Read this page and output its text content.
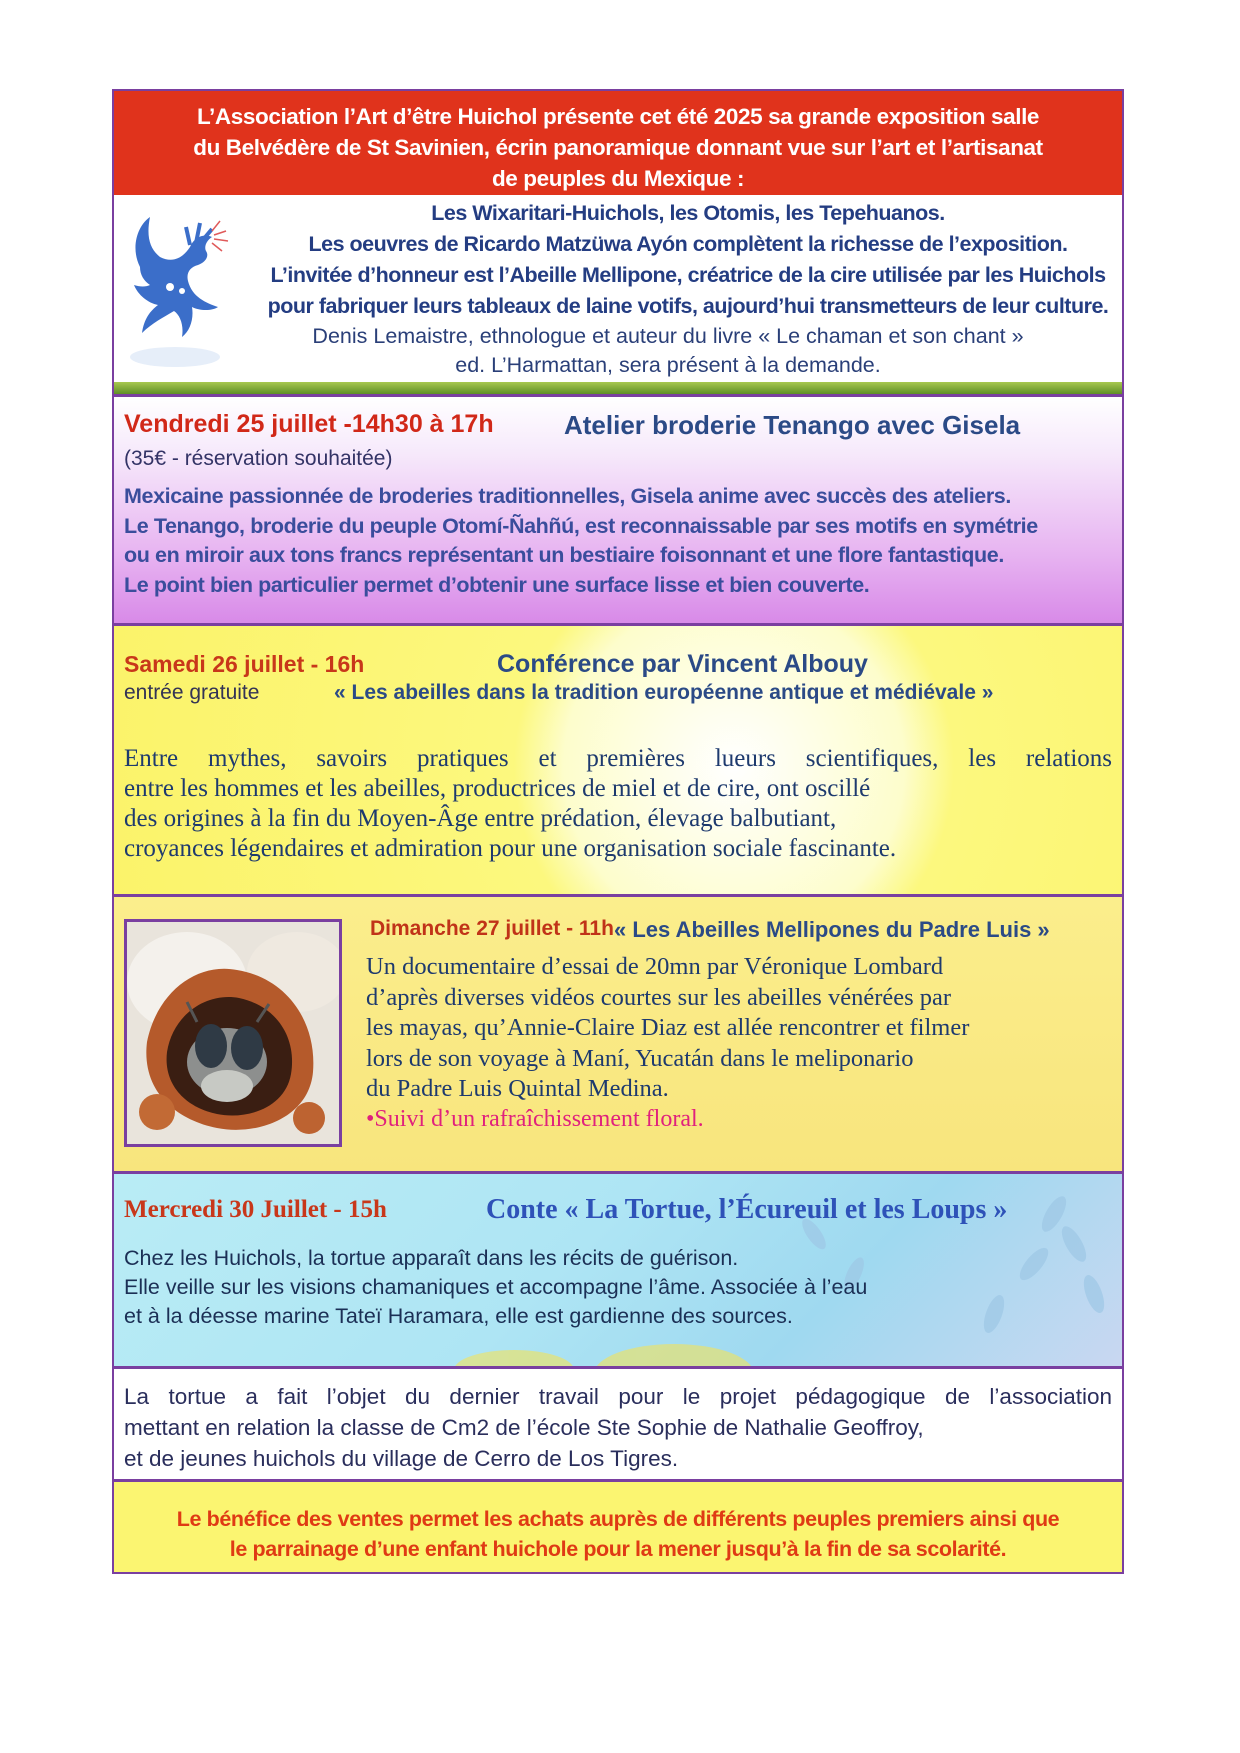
L’Association l’Art d’être Huichol présente cet été 2025 sa grande exposition salle
du Belvédère de St Savinien, écrin panoramique donnant vue sur l’art et l’artisanat
de peuples du Mexique :
Les Wixaritari-Huichols, les Otomis, les Tepehuanos.
Les oeuvres de Ricardo Matzüwa Ayón complètent la richesse de l’exposition.
L’invitée d’honneur est l’Abeille Mellipone, créatrice de la cire utilisée par les Huichols
pour fabriquer leurs tableaux de laine votifs, aujourd’hui transmetteurs de leur culture.
Denis Lemaistre, ethnologue et auteur du livre « Le chaman et son chant »
ed. L’Harmattan, sera présent à la demande.
Vendredi 25 juillet -14h30 à 17h	Atelier broderie Tenango avec Gisela
(35€ - réservation souhaitée)
Mexicaine passionnée de broderies traditionnelles, Gisela anime avec succès des ateliers.
Le Tenango, broderie du peuple Otomí-Ñahñú, est reconnaissable par ses motifs en symétrie
ou en miroir aux tons francs représentant un bestiaire foisonnant et une flore fantastique.
Le point bien particulier permet d’obtenir une surface lisse et bien couverte.
Samedi 26 juillet - 16h	Conférence par Vincent Albouy
entrée gratuite	« Les abeilles dans la tradition européenne antique et médiévale »
Entre mythes, savoirs pratiques et premières lueurs scientifiques, les relations
entre les hommes et les abeilles, productrices de miel et de cire, ont oscillé
des origines à la fin du Moyen-Âge entre prédation, élevage balbutiant,
croyances légendaires et admiration pour une organisation sociale fascinante.
Dimanche 27 juillet - 11h « Les Abeilles Mellipones du Padre Luis »
Un documentaire d’essai de 20mn par Véronique Lombard
d’après diverses vidéos courtes sur les abeilles vénérées par
les mayas, qu’Annie-Claire Diaz est allée rencontrer et filmer
lors de son voyage à Maní, Yucatán dans le meliponario
du Padre Luis Quintal Medina.
•Suivi d’un rafraîchissement floral.
Mercredi 30 Juillet - 15h	Conte « La Tortue, l’Écureuil et les Loups »
Chez les Huichols, la tortue apparaît dans les récits de guérison.
Elle veille sur les visions chamaniques et accompagne l’âme. Associée à l’eau
et à la déesse marine Tateï Haramara, elle est gardienne des sources.
La tortue a fait l’objet du dernier travail pour le projet pédagogique de l’association
mettant en relation la classe de Cm2 de l’école Ste Sophie de Nathalie Geoffroy,
et de jeunes huichols du village de Cerro de Los Tigres.
Le bénéfice des ventes permet les achats auprès de différents peuples premiers ainsi que
le parrainage d’une enfant huichole pour la mener jusqu’à la fin de sa scolarité.
